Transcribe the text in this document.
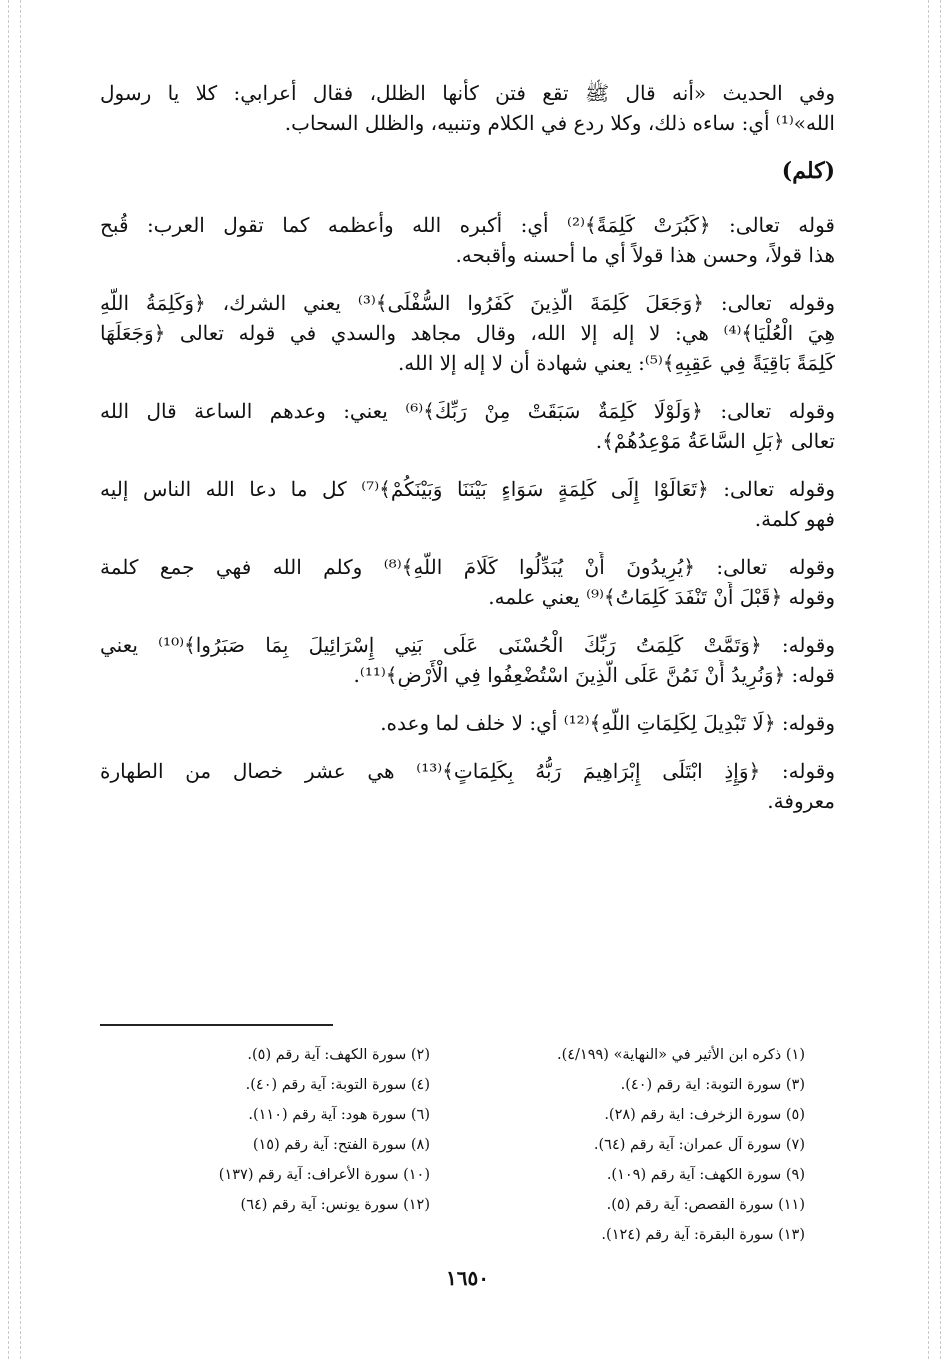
وفي الحديث «أنه قال ﷺ تقع فتن كأنها الظلل، فقال أعرابي: كلا يا رسول
الله»⁽¹⁾ أي: ساءه ذلك، وكلا ردع في الكلام وتنبيه، والظلل السحاب.
(كلم)
قوله تعالى: ﴿كَبُرَتْ كَلِمَةً﴾⁽²⁾ أي: أكبره الله وأعظمه كما تقول العرب: قُبح
هذا قولاً، وحسن هذا قولاً أي ما أحسنه وأقبحه.
وقوله تعالى: ﴿وَجَعَلَ كَلِمَةَ الَّذِينَ كَفَرُوا السُّفْلَى﴾⁽³⁾ يعني الشرك، ﴿وَكَلِمَةُ اللَّهِ
هِيَ الْعُلْيَا﴾⁽⁴⁾ هي: لا إله إلا الله، وقال مجاهد والسدي في قوله تعالى ﴿وَجَعَلَهَا
كَلِمَةً بَاقِيَةً فِي عَقِبِهِ﴾⁽⁵⁾: يعني شهادة أن لا إله إلا الله.
وقوله تعالى: ﴿وَلَوْلَا كَلِمَةٌ سَبَقَتْ مِنْ رَبِّكَ﴾⁽⁶⁾ يعني: وعدهم الساعة قال الله
تعالى ﴿بَلِ السَّاعَةُ مَوْعِدُهُمْ﴾.
وقوله تعالى: ﴿تَعَالَوْا إِلَى كَلِمَةٍ سَوَاءٍ بَيْنَنَا وَبَيْنَكُمْ﴾⁽⁷⁾ كل ما دعا الله الناس إليه
فهو كلمة.
وقوله تعالى: ﴿يُرِيدُونَ أَنْ يُبَدِّلُوا كَلَامَ اللَّهِ﴾⁽⁸⁾ وكلم الله فهي جمع كلمة
وقوله ﴿قَبْلَ أَنْ تَنْفَدَ كَلِمَاتُ﴾⁽⁹⁾ يعني علمه.
وقوله: ﴿وَتَمَّتْ كَلِمَتُ رَبِّكَ الْحُسْنَى عَلَى بَنِي إِسْرَائِيلَ بِمَا صَبَرُوا﴾⁽¹⁰⁾ يعني
قوله: ﴿وَنُرِيدُ أَنْ نَمُنَّ عَلَى الَّذِينَ اسْتُضْعِفُوا فِي الْأَرْضِ﴾⁽¹¹⁾.
وقوله: ﴿لَا تَبْدِيلَ لِكَلِمَاتِ اللَّهِ﴾⁽¹²⁾ أي: لا خلف لما وعده.
وقوله: ﴿وَإِذِ ابْتَلَى إِبْرَاهِيمَ رَبُّهُ بِكَلِمَاتٍ﴾⁽¹³⁾ هي عشر خصال من الطهارة
معروفة.
(١) ذكره ابن الأثير في «النهاية» (٤/١٩٩).
(٣) سورة التوبة: اية رقم (٤٠).
(٥) سورة الزخرف: اية رقم (٢٨).
(٧) سورة آل عمران: آية رقم (٦٤).
(٩) سورة الكهف: آية رقم (١٠٩).
(١١) سورة القصص: آية رقم (٥).
(١٣) سورة البقرة: آية رقم (١٢٤).
(٢) سورة الكهف: آية رقم (٥).
(٤) سورة التوبة: آية رقم (٤٠).
(٦) سورة هود: آية رقم (١١٠).
(٨) سورة الفتح: آية رقم (١٥)
(١٠) سورة الأعراف: آية رقم (١٣٧)
(١٢) سورة يونس: آية رقم (٦٤)
١٦٥٠
